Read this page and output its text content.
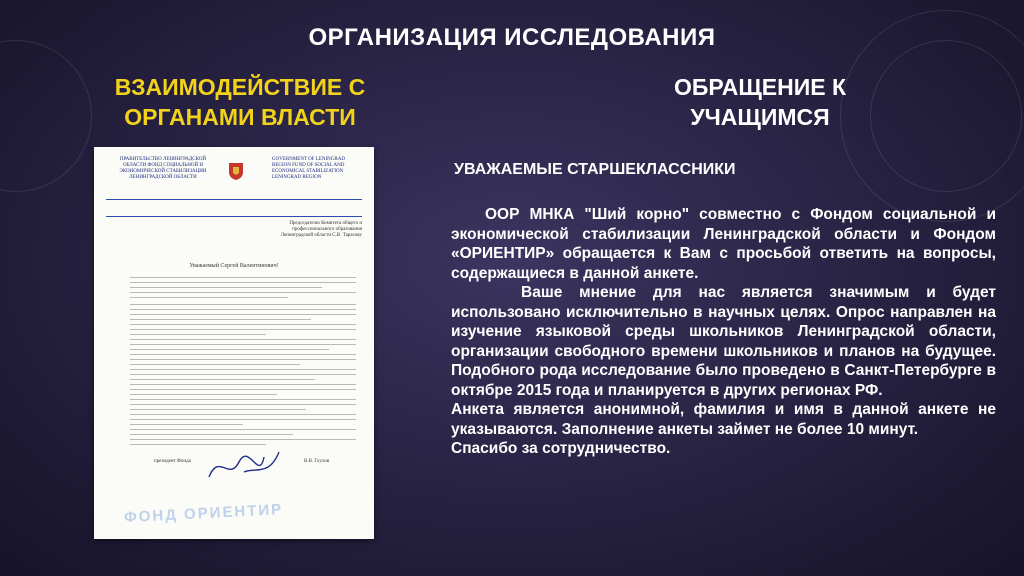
ОРГАНИЗАЦИЯ ИССЛЕДОВАНИЯ
ВЗАИМОДЕЙСТВИЕ С ОРГАНАМИ ВЛАСТИ
ОБРАЩЕНИЕ К УЧАЩИМСЯ
ПРАВИТЕЛЬСТВО ЛЕНИНГРАДСКОЙ ОБЛАСТИ ФОНД СОЦИАЛЬНОЙ И ЭКОНОМИЧЕСКОЙ СТАБИЛИЗАЦИИ ЛЕНИНГРАДСКОЙ ОБЛАСТИ
GOVERNMENT OF LENINGRAD REGION FUND OF SOCIAL AND ECONOMICAL STABILIZATION LENINGRAD REGION
Председателю Комитета общего и профессионального образования Ленинградской области С.В. Тарасову
Уважаемый Сергей Валентинович!
президент Фонда	В.В. Глухов
ФОНД ОРИЕНТИР
УВАЖАЕМЫЕ СТАРШЕКЛАССНИКИ

ООР МНКА "Ший корно" совместно с Фондом социальной и экономической стабилизации Ленинградской области и Фондом «ОРИЕНТИР» обращается к Вам с просьбой ответить на вопросы, содержащиеся в данной анкете.

Ваше мнение для нас является значимым и будет использовано исключительно в научных целях. Опрос направлен на изучение языковой среды школьников Ленинградской области, организации свободного времени школьников и планов на будущее. Подобного рода исследование было проведено в Санкт-Петербурге в октябре 2015 года и планируется в других регионах РФ.

Анкета является анонимной, фамилия и имя в данной анкете не указываются. Заполнение анкеты займет не более 10 минут.

Спасибо за сотрудничество.
